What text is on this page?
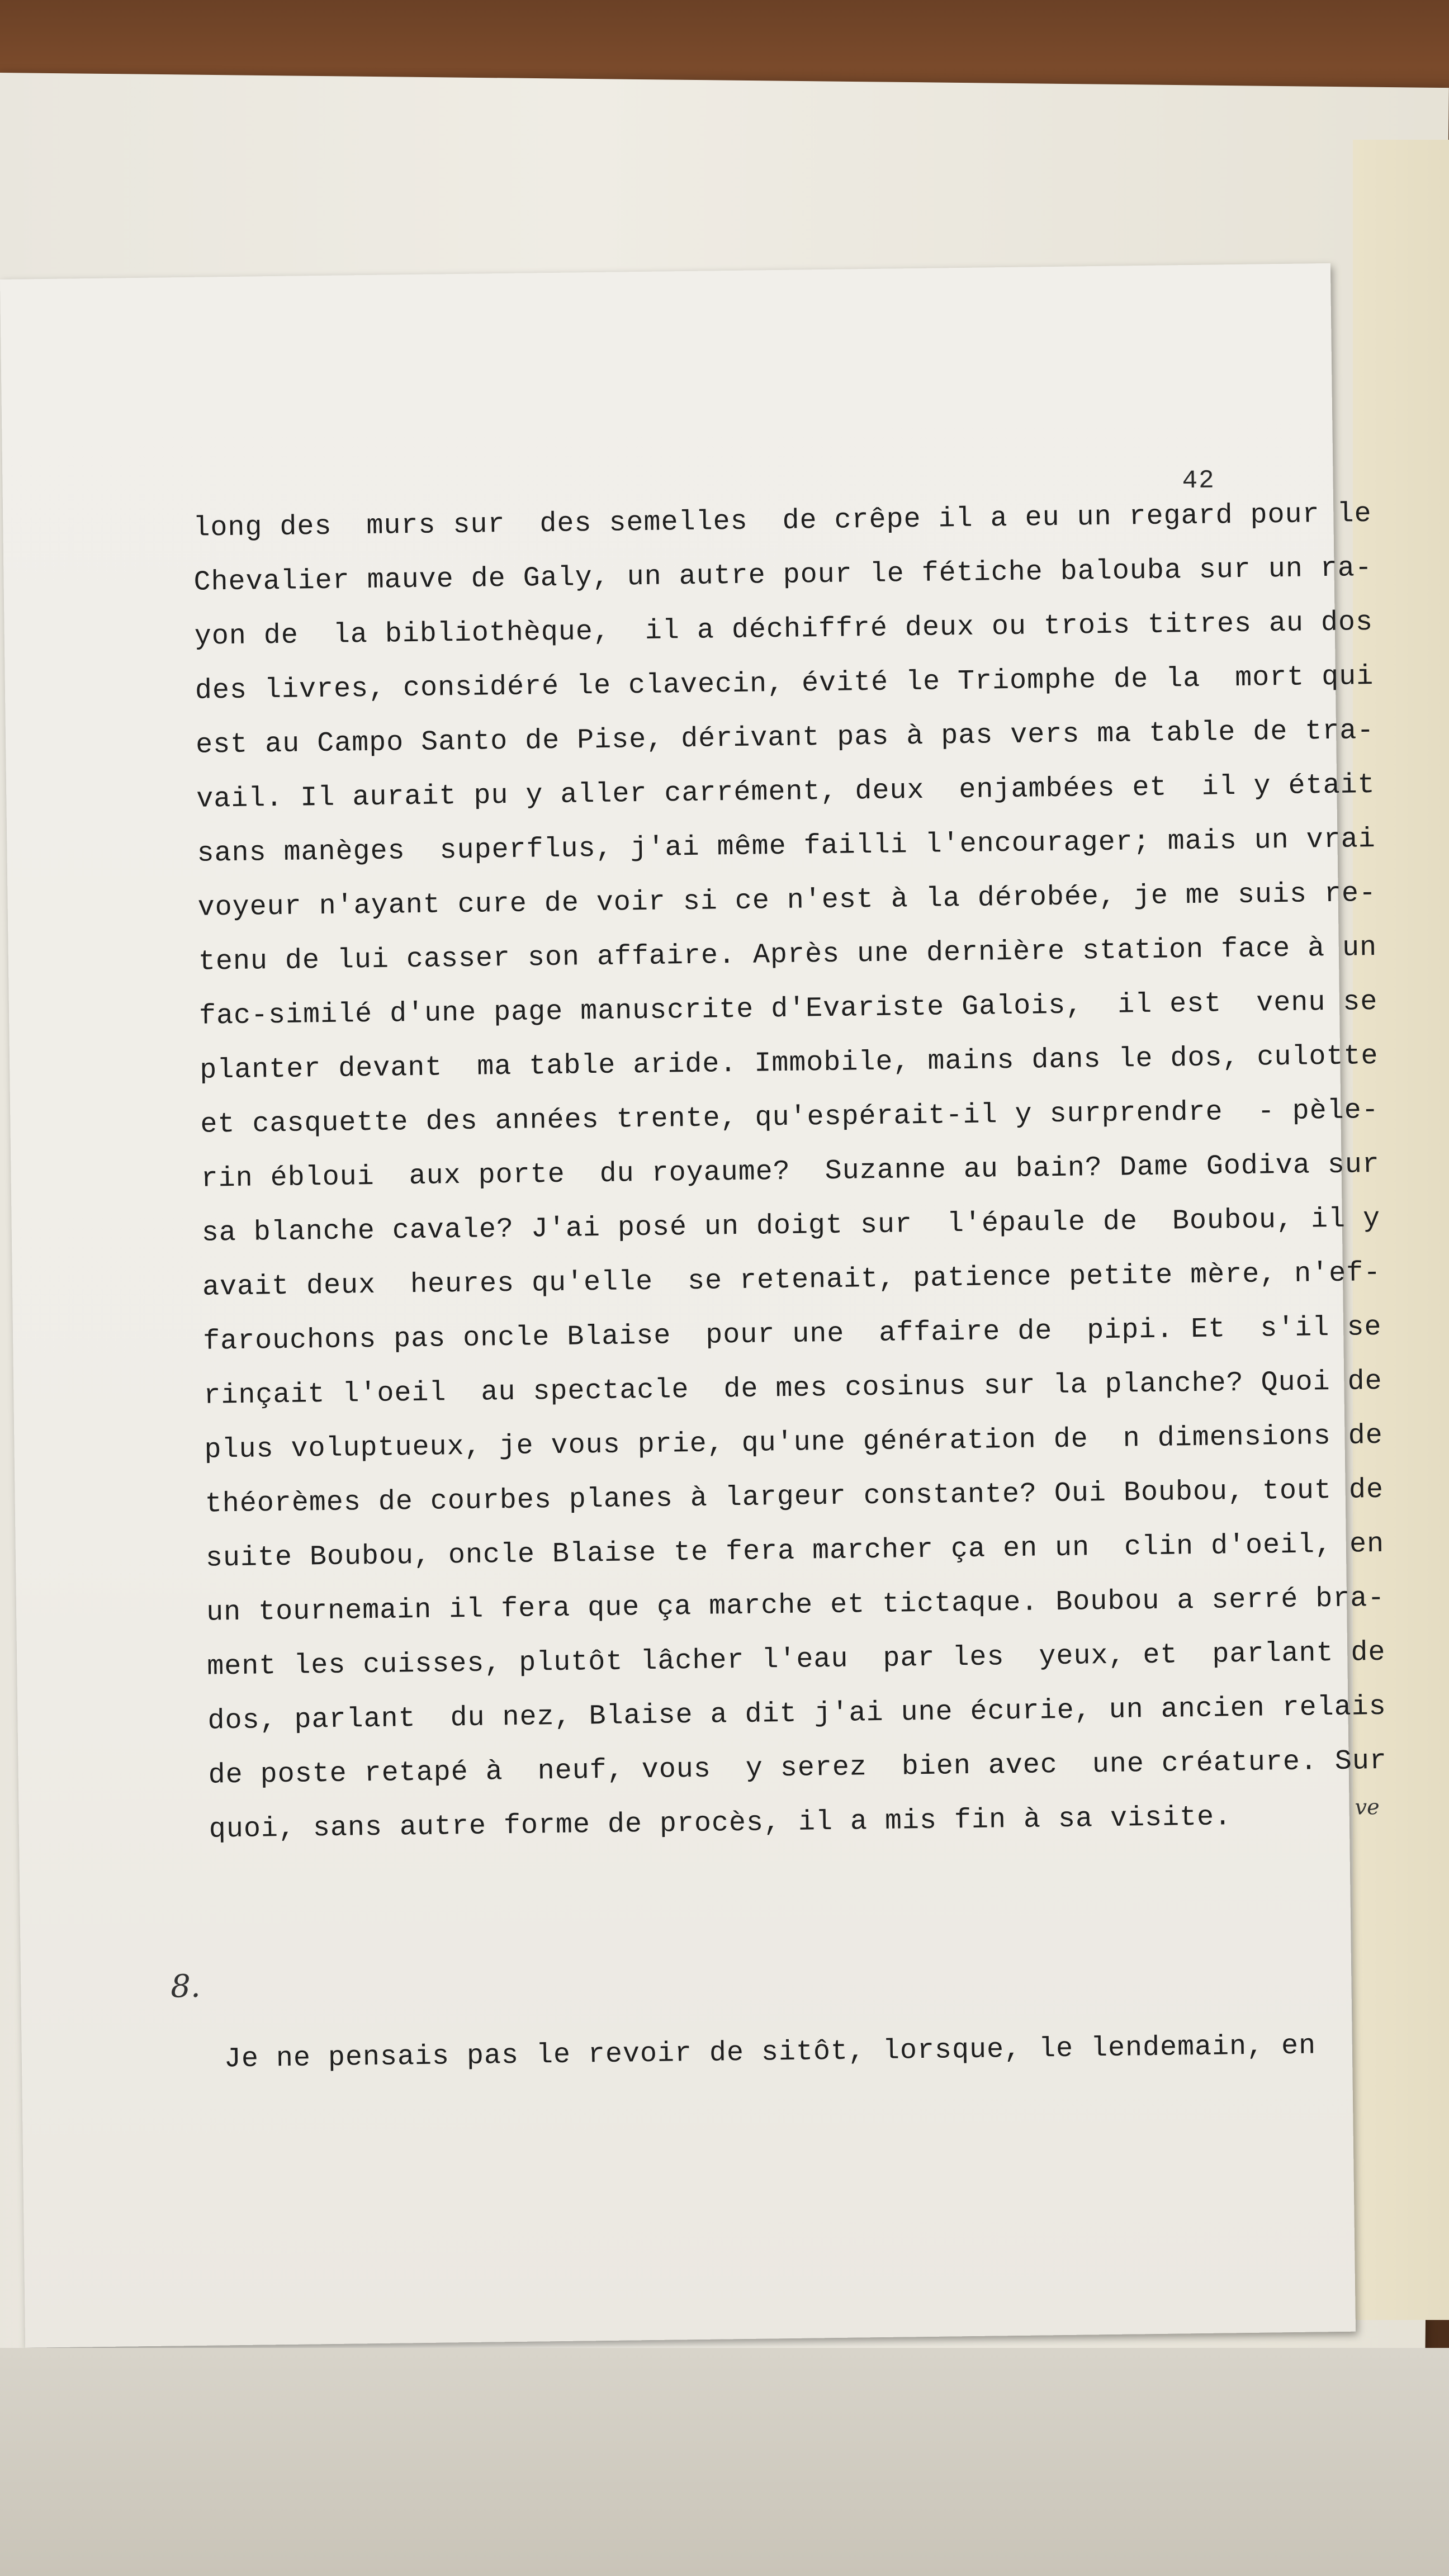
42
long des  murs sur  des semelles  de crêpe il a eu un regard pour le
Chevalier mauve de Galy, un autre pour le fétiche balouba sur un ra-
yon de  la bibliothèque,  il a déchiffré deux ou trois titres au dos
des livres, considéré le clavecin, évité le Triomphe de la  mort qui
est au Campo Santo de Pise, dérivant pas à pas vers ma table de tra-
vail. Il aurait pu y aller carrément, deux  enjambées et  il y était
sans manèges  superflus, j'ai même failli l'encourager; mais un vrai
voyeur n'ayant cure de voir si ce n'est à la dérobée, je me suis re-
tenu de lui casser son affaire. Après une dernière station face à un
fac-similé d'une page manuscrite d'Evariste Galois,  il est  venu se
planter devant  ma table aride. Immobile, mains dans le dos, culotte
et casquette des années trente, qu'espérait-il y surprendre  - pèle-
rin ébloui  aux porte  du royaume?  Suzanne au bain? Dame Godiva sur
sa blanche cavale? J'ai posé un doigt sur  l'épaule de  Boubou, il y
avait deux  heures qu'elle  se retenait, patience petite mère, n'ef-
farouchons pas oncle Blaise  pour une  affaire de  pipi. Et  s'il se
rinçait l'oeil  au spectacle  de mes cosinus sur la planche? Quoi de
plus voluptueux, je vous prie, qu'une génération de  n dimensions de
théorèmes de courbes planes à largeur constante? Oui Boubou, tout de
suite Boubou, oncle Blaise te fera marcher ça en un  clin d'oeil, en
un tournemain il fera que ça marche et tictaque. Boubou a serré bra-
ment les cuisses, plutôt lâcher l'eau  par les  yeux, et  parlant de
dos, parlant  du nez, Blaise a dit j'ai une écurie, un ancien relais
de poste retapé à  neuf, vous  y serez  bien avec  une créature. Sur
quoi, sans autre forme de procès, il a mis fin à sa visite.	ve
8.
Je ne pensais pas le revoir de sitôt, lorsque, le lendemain, en
